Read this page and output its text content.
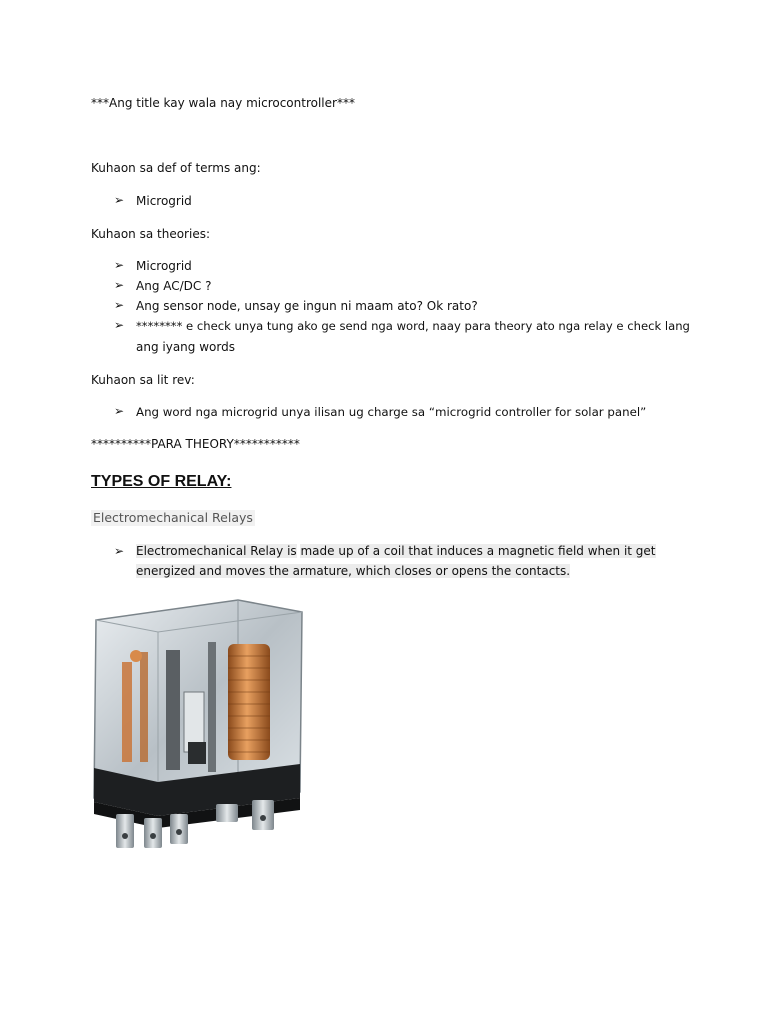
***Ang title kay wala nay microcontroller***
Kuhaon sa def of terms ang:
➢ Microgrid
Kuhaon sa theories:
➢ Microgrid
➢ Ang AC/DC ?
➢ Ang sensor node, unsay ge ingun ni maam ato? Ok rato?
➢ ******** e check unya tung ako ge send nga word, naay para theory ato nga relay e check lang
ang iyang words
Kuhaon sa lit rev:
➢ Ang word nga microgrid unya ilisan ug charge sa “microgrid controller for solar panel”
**********PARA THEORY***********
TYPES OF RELAY:
Electromechanical Relays
➢ Electromechanical Relay is made up of a coil that induces a magnetic field when it get
energized and moves the armature, which closes or opens the contacts.
